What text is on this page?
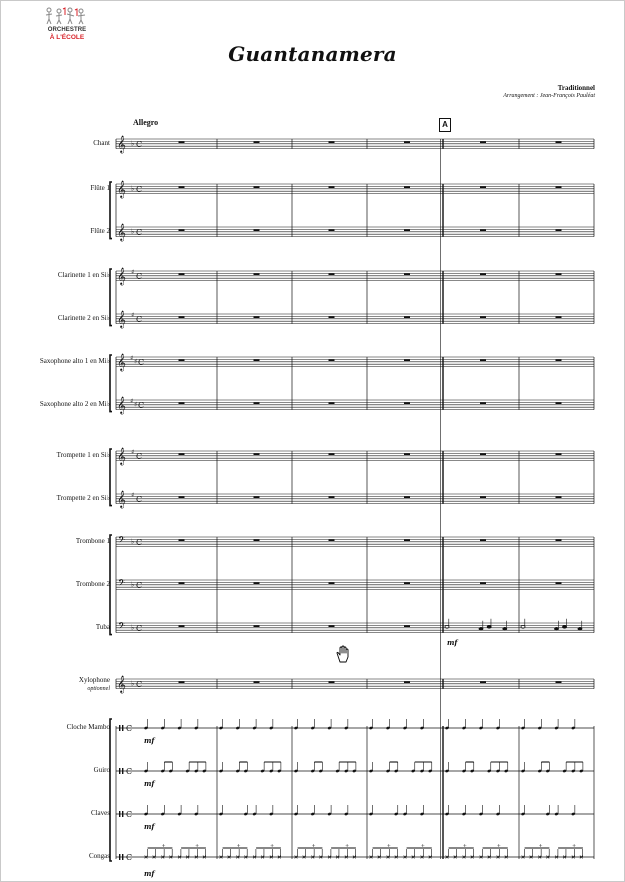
ORCHESTRE
À L'ÉCOLE
Guantanamera
Traditionnel
Arrangement : Jean-François Pauléat
Allegro	A
Chant
Flûte 1
Flûte 2
Clarinette 1 en Si♭
Clarinette 2 en Si♭
Saxophone alto 1 en Mi♭
Saxophone alto 2 en Mi♭
Trompette 1 en Si♭
Trompette 2 en Si♭
Trombone 1
Trombone 2
Tuba
Xylophone
optionnel
Cloche Mambo
Guiro
Claves
Congas
𝄞 ♭ C
𝄞 ♭ C
𝄞 ♭ C
𝄞 ♯ C
𝄞 ♯ C
𝄞 ♯ ♯ C
𝄞 ♯ ♯ C
𝄞 ♯ C
𝄞 ♯ C
𝄢 ♭ C
𝄢 ♭ C
𝄢 ♭ C
𝄞 ♭ C
C
C
C
C
+	+	+	+	+	+	+	+	+	+	+	+
mf
mf
mf
mf
mf
